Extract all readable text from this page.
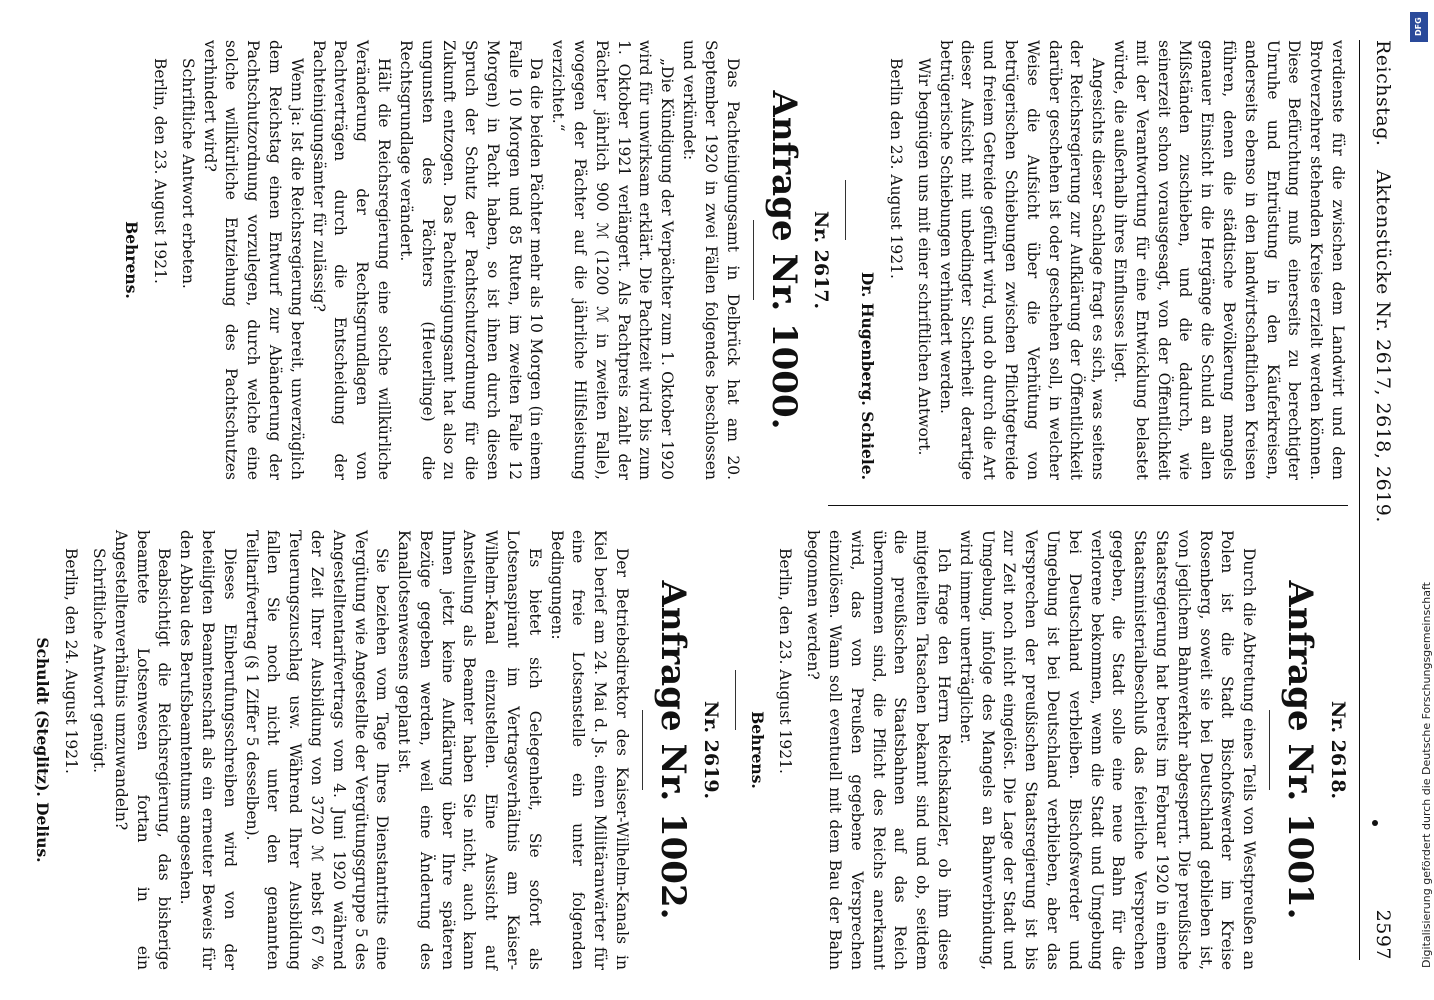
Reichstag.
Aktenstücke Nr. 2617, 2618, 2619.
2597

verdienste für die zwischen dem Landwirt und dem Brotverzehrer stehenden Kreise erzielt werden können. Diese Befürchtung muß einerseits zu berechtigter Unruhe und Entrüstung in den Käuferkreisen, anderseits ebenso in den landwirtschaftlichen Kreisen führen, denen die städtische Bevölkerung mangels genauer Einsicht in die Hergänge die Schuld an allen Mißständen zuschieben, und die dadurch, wie seinerzeit schon vorausgesagt, von der Öffentlichkeit mit der Verantwortung für eine Entwicklung belastet würde, die außerhalb ihres Einflusses liegt.

Angesichts dieser Sachlage fragt es sich, was seitens der Reichsregierung zur Aufklärung der Öffentlichkeit darüber geschehen ist oder geschehen soll, in welcher Weise die Aufsicht über die Verhütung von betrügerischen Schiebungen zwischen Pflichtgetreide und freiem Getreide geführt wird, und ob durch die Art dieser Aufsicht mit unbedingter Sicherheit derartige betrügerische Schiebungen verhindert werden.

Wir begnügen uns mit einer schriftlichen Antwort.

Berlin den 23. August 1921.

Dr. Hugenberg. Schiele.

Nr. 2617.

Anfrage Nr. 1000.

Das Pachteinigungsamt in Delbrück hat am 20. September 1920 in zwei Fällen folgendes beschlossen und verkündet:

„Die Kündigung der Verpächter zum 1. Oktober 1920 wird für unwirksam erklärt. Die Pachtzeit wird bis zum 1. Oktober 1921 verlängert. Als Pachtpreis zahlt der Pächter jährlich 900 ℳ (1200 ℳ in zweiten Falle), wogegen der Pächter auf die jährliche Hilfsleistung verzichtet.“

Da die beiden Pächter mehr als 10 Morgen (in einem Falle 10 Morgen und 85 Ruten, im zweiten Falle 12 Morgen) in Pacht haben, so ist ihnen durch diesen Spruch der Schutz der Pachtschutzordnung für die Zukunft entzogen. Das Pachteinigungsamt hat also zu ungunsten des Pächters (Heuerlinge) die Rechtsgrundlage verändert.

Hält die Reichsregierung eine solche willkürliche Veränderung der Rechtsgrundlagen von Pachtverträgen durch die Entscheidung der Pachteinigungsämter für zulässig?

Wenn ja: Ist die Reichsregierung bereit, unverzüglich dem Reichstag einen Entwurf zur Abänderung der Pachtschutzordnung vorzulegen, durch welche eine solche willkürliche Entziehung des Pachtschutzes verhindert wird?

Schriftliche Antwort erbeten.

Berlin, den 23. August 1921.

Behrens.

Nr. 2618.

Anfrage Nr. 1001.

Durch die Abtretung eines Teils von Westpreußen an Polen ist die Stadt Bischofswerder im Kreise Rosenberg, soweit sie bei Deutschland geblieben ist, von jeglichem Bahnverkehr abgesperrt. Die preußische Staatsregierung hat bereits im Februar 1920 in einem Staatsministerialbeschluß das feierliche Versprechen gegeben, die Stadt solle eine neue Bahn für die verlorene bekommen, wenn die Stadt und Umgebung bei Deutschland verbleiben. Bischofswerder und Umgebung ist bei Deutschland verblieben, aber das Versprechen der preußischen Staatsregierung ist bis zur Zeit noch nicht eingelöst. Die Lage der Stadt und Umgebung, infolge des Mangels an Bahnverbindung, wird immer unerträglicher.

Ich frage den Herrn Reichskanzler, ob ihm diese mitgeteilten Tatsachen bekannt sind und ob, seitdem die preußischen Staatsbahnen auf das Reich übernommen sind, die Pflicht des Reichs anerkannt wird, das von Preußen gegebene Versprechen einzulösen. Wann soll eventuell mit dem Bau der Bahn begonnen werden?

Berlin, den 23. August 1921.

Behrens.

Nr. 2619.

Anfrage Nr. 1002.

Der Betriebsdirektor des Kaiser-Wilhelm-Kanals in Kiel berief am 24. Mai d. Js. einen Militäranwärter für eine freie Lotsenstelle ein unter folgenden Bedingungen:

Es bietet sich Gelegenheit, Sie sofort als Lotsenaspirant im Vertragsverhältnis am Kaiser-Wilhelm-Kanal einzustellen. Eine Aussicht auf Anstellung als Beamter haben Sie nicht, auch kann Ihnen jetzt keine Aufklärung über Ihre späteren Bezüge gegeben werden, weil eine Änderung des Kanallotsenwesens geplant ist.

Sie beziehen vom Tage Ihres Dienstantritts eine Vergütung wie Angestellte der Vergütungsgruppe 5 des Angestelltentarifvertrags vom 4. Juni 1920 während der Zeit Ihrer Ausbildung von 3720 ℳ nebst 67 % Teuerungszuschlag usw. Während Ihrer Ausbildung fallen Sie noch nicht unter den genannten Teiltarifvertrag (§ 1 Ziffer 5 desselben).

Dieses Einberufungsschreiben wird von der beteiligten Beamtenschaft als ein erneuter Beweis für den Abbau des Berufsbeamtentums angesehen.

Beabsichtigt die Reichsregierung, das bisherige beamtete Lotsenwesen fortan in ein Angestelltenverhältnis umzuwandeln?

Schriftliche Antwort genügt.

Berlin, den 24. August 1921.

Schuldt (Steglitz). Delius.

DFG
Digitalisierung gefördert durch die Deutsche Forschungsgemeinschaft
